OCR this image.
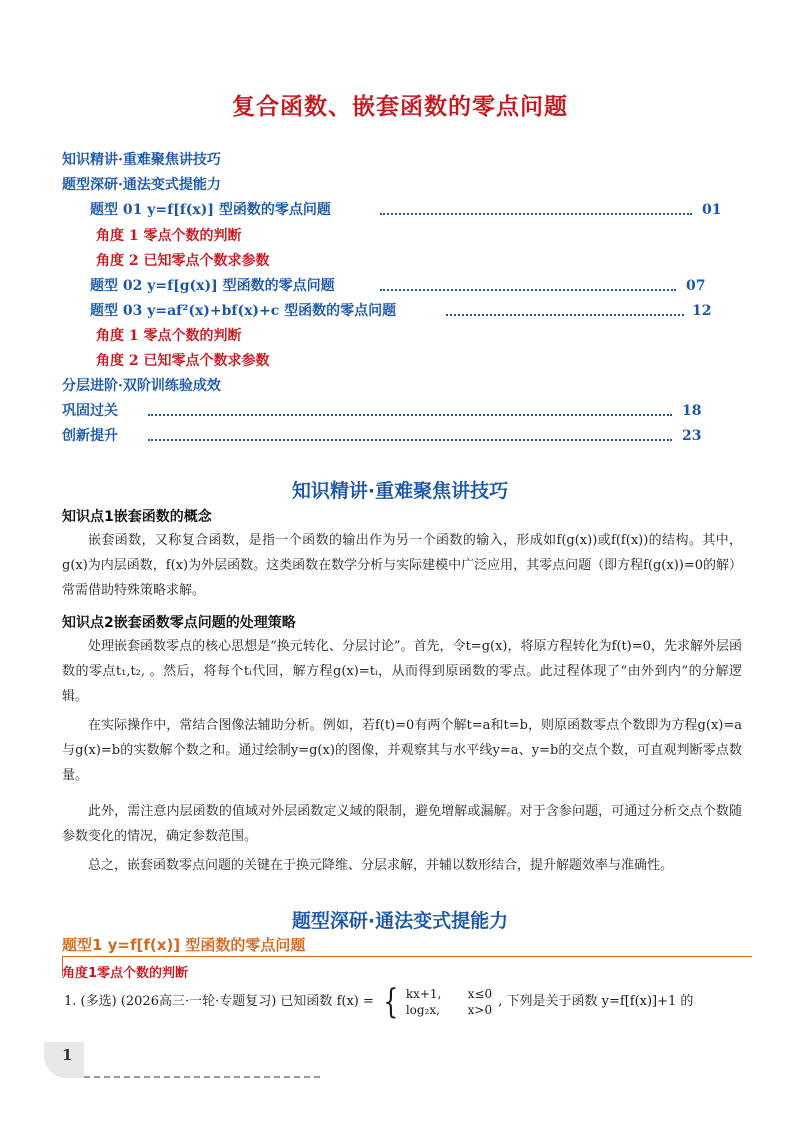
复合函数、嵌套函数的零点问题
知识精讲·重难聚焦讲技巧
题型深研·通法变式提能力
题型 01 y=f[f(x)] 型函数的零点问题	01
角度 1 零点个数的判断
角度 2 已知零点个数求参数
题型 02 y=f[g(x)] 型函数的零点问题	07
题型 03 y=af²(x)+bf(x)+c 型函数的零点问题	12
角度 1 零点个数的判断
角度 2 已知零点个数求参数
分层进阶·双阶训练验成效
巩固过关	18
创新提升	23
知识精讲·重难聚焦讲技巧
知识点1嵌套函数的概念
嵌套函数，又称复合函数，是指一个函数的输出作为另一个函数的输入，形成如f(g(x))或f(f(x))的结构。其中，g(x)为内层函数，f(x)为外层函数。这类函数在数学分析与实际建模中广泛应用，其零点问题（即方程f(g(x))=0的解）常需借助特殊策略求解。
知识点2嵌套函数零点问题的处理策略
处理嵌套函数零点的核心思想是“换元转化、分层讨论”。首先，令t=g(x)，将原方程转化为f(t)=0，先求解外层函数的零点t₁,t₂, 。然后，将每个tᵢ代回，解方程g(x)=tᵢ，从而得到原函数的零点。此过程体现了“由外到内”的分解逻辑。
在实际操作中，常结合图像法辅助分析。例如，若f(t)=0有两个解t=a和t=b，则原函数零点个数即为方程g(x)=a与g(x)=b的实数解个数之和。通过绘制y=g(x)的图像，并观察其与水平线y=a、y=b的交点个数，可直观判断零点数量。
此外，需注意内层函数的值域对外层函数定义域的限制，避免增解或漏解。对于含参问题，可通过分析交点个数随参数变化的情况，确定参数范围。
总之，嵌套函数零点问题的关键在于换元降维、分层求解，并辅以数形结合，提升解题效率与准确性。
题型深研·通法变式提能力
题型1 y=f[f(x)] 型函数的零点问题
角度1零点个数的判断
1. (多选) (2026高三·一轮·专题复习) 已知函数 f(x) = { kx+1, x≤0
log₂x, x>0
, 下列是关于函数 y=f[f(x)]+1 的
1
